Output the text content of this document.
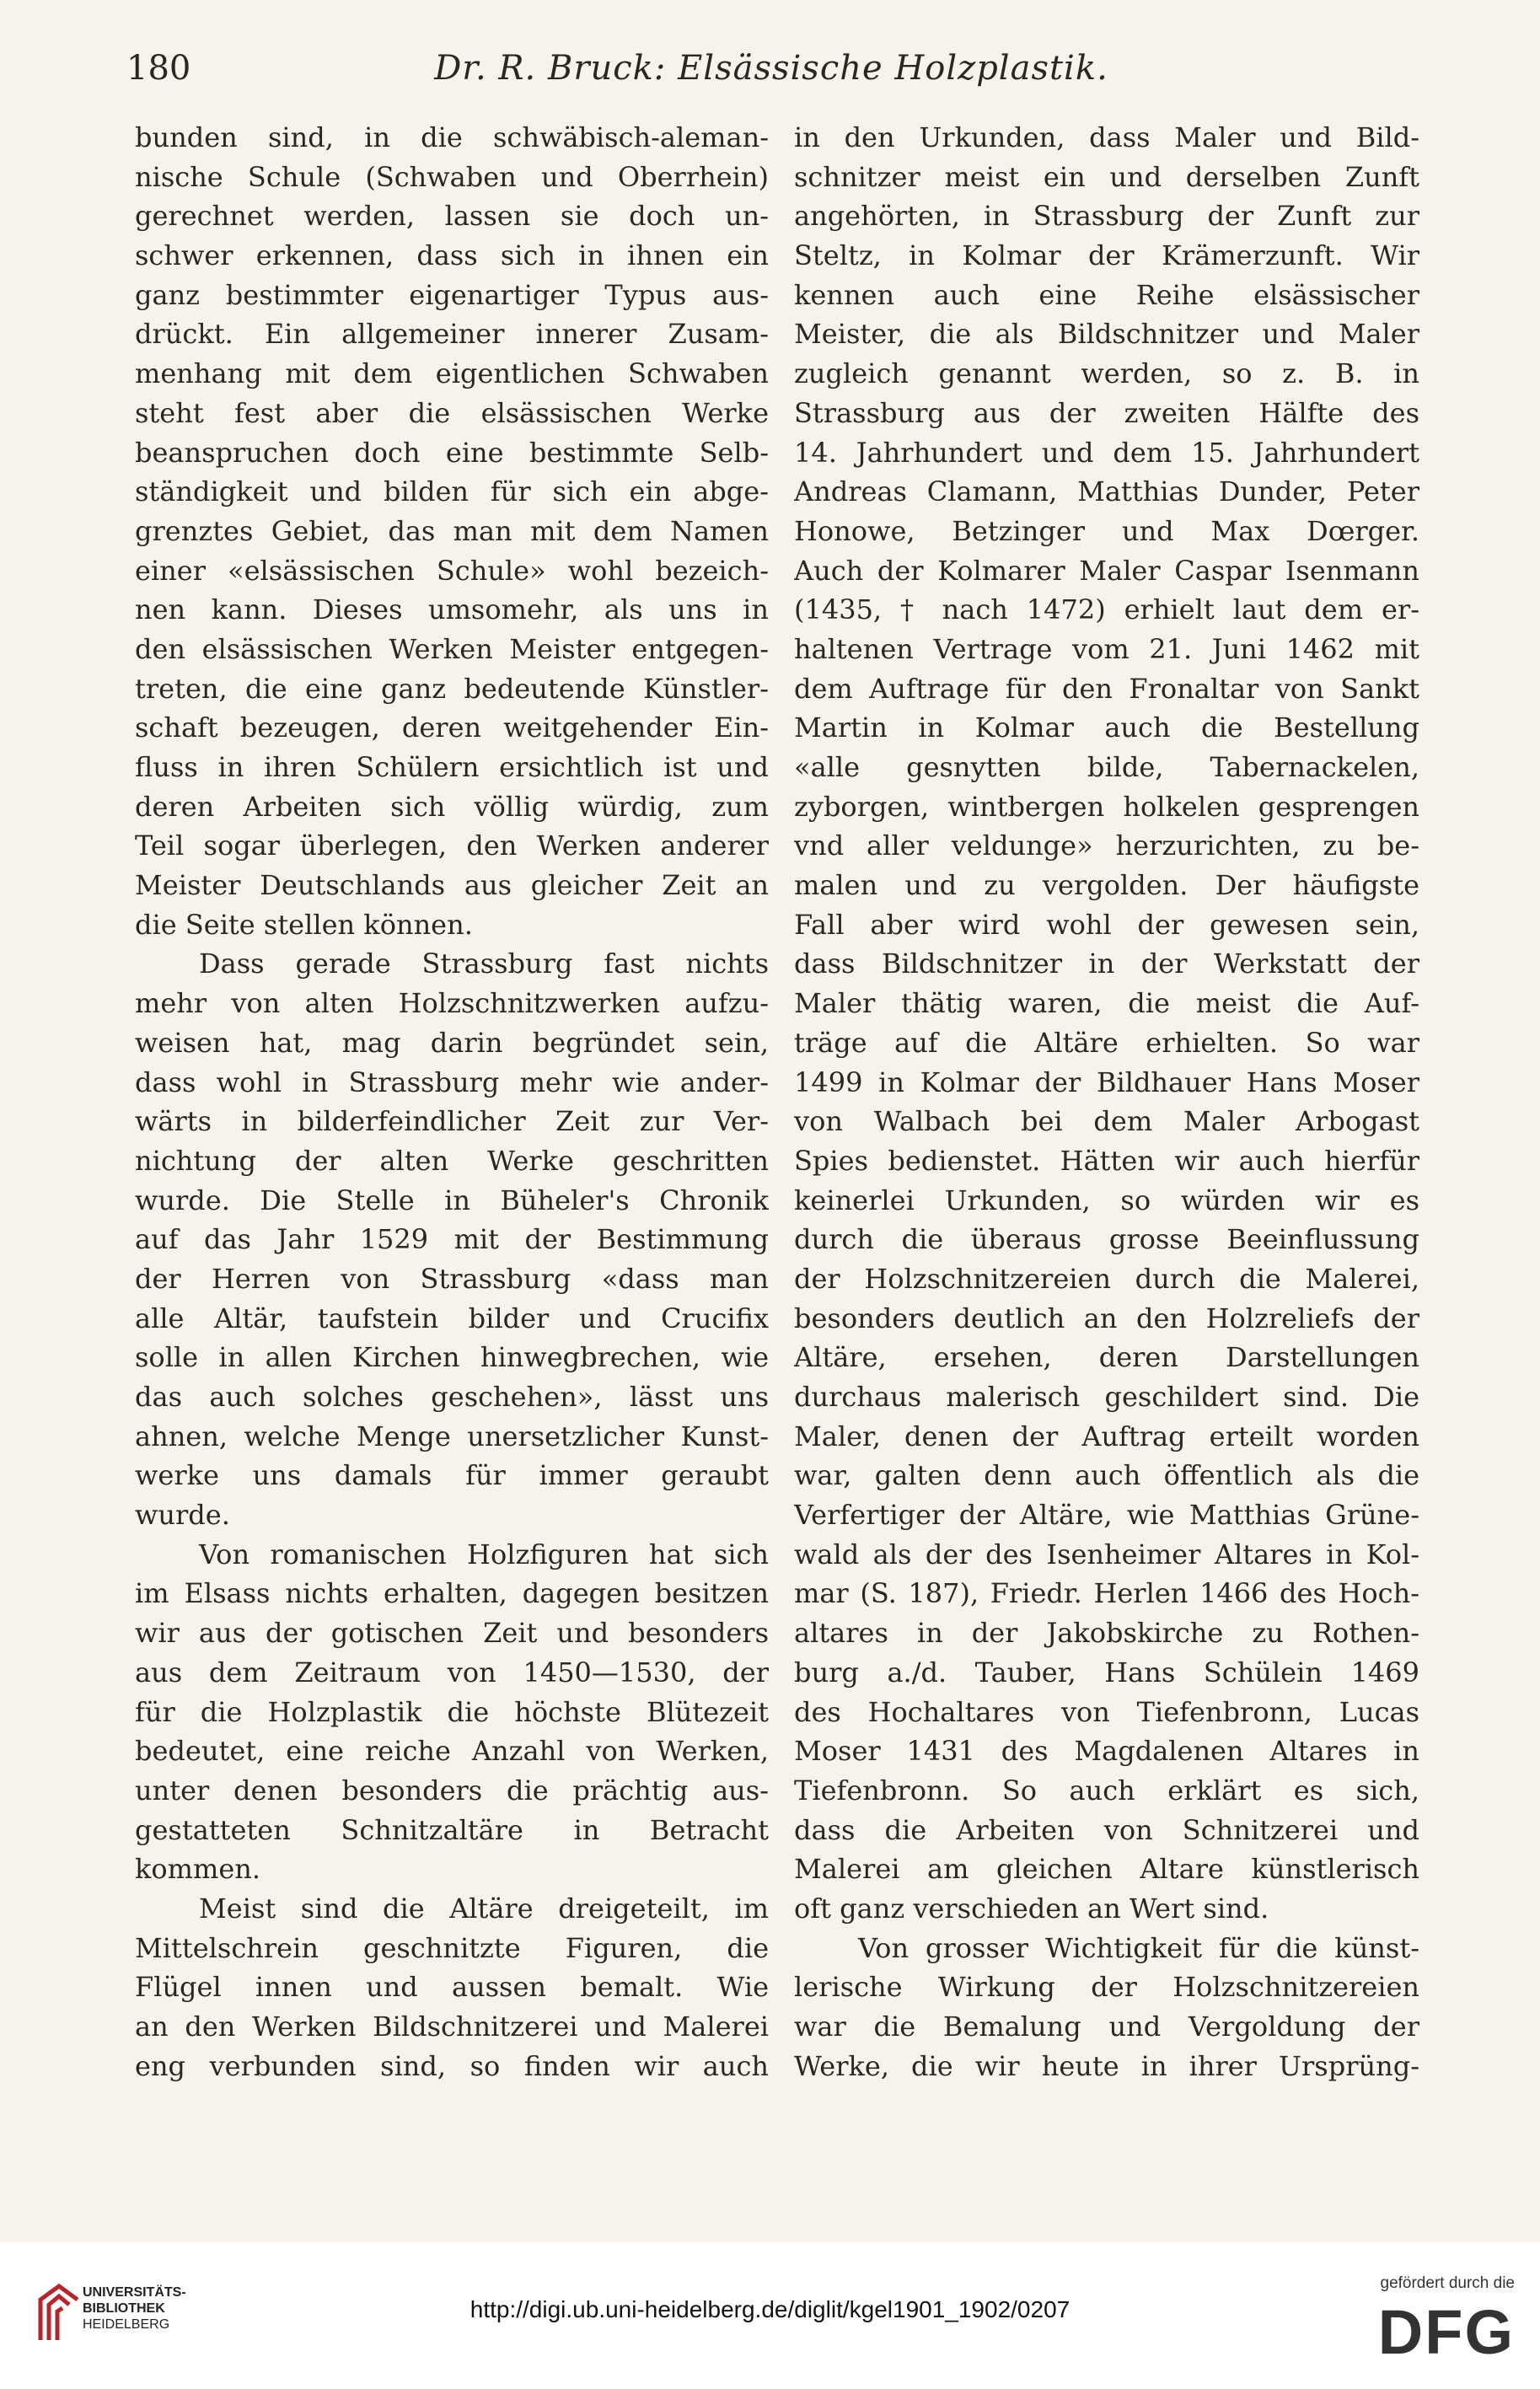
180	Dr. R. Bruck: Elsässische Holzplastik.
bunden sind, in die schwäbisch-aleman-
nische Schule (Schwaben und Oberrhein)
gerechnet werden, lassen sie doch un-
schwer erkennen, dass sich in ihnen ein
ganz bestimmter eigenartiger Typus aus-
drückt. Ein allgemeiner innerer Zusam-
menhang mit dem eigentlichen Schwaben
steht fest aber die elsässischen Werke
beanspruchen doch eine bestimmte Selb-
ständigkeit und bilden für sich ein abge-
grenztes Gebiet, das man mit dem Namen
einer «elsässischen Schule» wohl bezeich-
nen kann. Dieses umsomehr, als uns in
den elsässischen Werken Meister entgegen-
treten, die eine ganz bedeutende Künstler-
schaft bezeugen, deren weitgehender Ein-
fluss in ihren Schülern ersichtlich ist und
deren Arbeiten sich völlig würdig, zum
Teil sogar überlegen, den Werken anderer
Meister Deutschlands aus gleicher Zeit an
die Seite stellen können.
Dass gerade Strassburg fast nichts
mehr von alten Holzschnitzwerken aufzu-
weisen hat, mag darin begründet sein,
dass wohl in Strassburg mehr wie ander-
wärts in bilderfeindlicher Zeit zur Ver-
nichtung der alten Werke geschritten
wurde. Die Stelle in Büheler's Chronik
auf das Jahr 1529 mit der Bestimmung
der Herren von Strassburg «dass man
alle Altär, taufstein bilder und Crucifix
solle in allen Kirchen hinwegbrechen, wie
das auch solches geschehen», lässt uns
ahnen, welche Menge unersetzlicher Kunst-
werke uns damals für immer geraubt
wurde.
Von romanischen Holzfiguren hat sich
im Elsass nichts erhalten, dagegen besitzen
wir aus der gotischen Zeit und besonders
aus dem Zeitraum von 1450—1530, der
für die Holzplastik die höchste Blütezeit
bedeutet, eine reiche Anzahl von Werken,
unter denen besonders die prächtig aus-
gestatteten Schnitzaltäre in Betracht
kommen.
Meist sind die Altäre dreigeteilt, im
Mittelschrein geschnitzte Figuren, die
Flügel innen und aussen bemalt. Wie
an den Werken Bildschnitzerei und Malerei
eng verbunden sind, so finden wir auch
in den Urkunden, dass Maler und Bild-
schnitzer meist ein und derselben Zunft
angehörten, in Strassburg der Zunft zur
Steltz, in Kolmar der Krämerzunft. Wir
kennen auch eine Reihe elsässischer
Meister, die als Bildschnitzer und Maler
zugleich genannt werden, so z. B. in
Strassburg aus der zweiten Hälfte des
14. Jahrhundert und dem 15. Jahrhundert
Andreas Clamann, Matthias Dunder, Peter
Honowe, Betzinger und Max Dœrger.
Auch der Kolmarer Maler Caspar Isenmann
(1435, † nach 1472) erhielt laut dem er-
haltenen Vertrage vom 21. Juni 1462 mit
dem Auftrage für den Fronaltar von Sankt
Martin in Kolmar auch die Bestellung
«alle gesnytten bilde, Tabernackelen,
zyborgen, wintbergen holkelen gesprengen
vnd aller veldunge» herzurichten, zu be-
malen und zu vergolden. Der häufigste
Fall aber wird wohl der gewesen sein,
dass Bildschnitzer in der Werkstatt der
Maler thätig waren, die meist die Auf-
träge auf die Altäre erhielten. So war
1499 in Kolmar der Bildhauer Hans Moser
von Walbach bei dem Maler Arbogast
Spies bedienstet. Hätten wir auch hierfür
keinerlei Urkunden, so würden wir es
durch die überaus grosse Beeinflussung
der Holzschnitzereien durch die Malerei,
besonders deutlich an den Holzreliefs der
Altäre, ersehen, deren Darstellungen
durchaus malerisch geschildert sind. Die
Maler, denen der Auftrag erteilt worden
war, galten denn auch öffentlich als die
Verfertiger der Altäre, wie Matthias Grüne-
wald als der des Isenheimer Altares in Kol-
mar (S. 187), Friedr. Herlen 1466 des Hoch-
altares in der Jakobskirche zu Rothen-
burg a./d. Tauber, Hans Schülein 1469
des Hochaltares von Tiefenbronn, Lucas
Moser 1431 des Magdalenen Altares in
Tiefenbronn. So auch erklärt es sich,
dass die Arbeiten von Schnitzerei und
Malerei am gleichen Altare künstlerisch
oft ganz verschieden an Wert sind.
Von grosser Wichtigkeit für die künst-
lerische Wirkung der Holzschnitzereien
war die Bemalung und Vergoldung der
Werke, die wir heute in ihrer Ursprüng-
UNIVERSITÄTS-
BIBLIOTHEK
HEIDELBERG
http://digi.ub.uni-heidelberg.de/diglit/kgel1901_1902/0207
gefördert durch die
DFG
